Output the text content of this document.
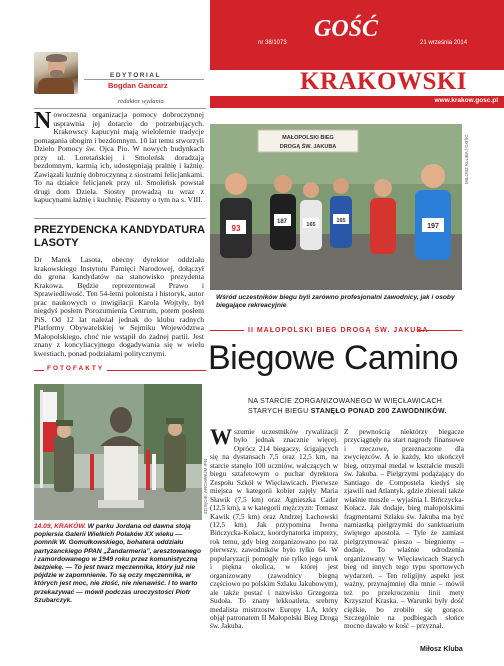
GOŚĆ
nr 38/1073	21 września 2014
KRAKOWSKI
www.krakow.gosc.pl
EDYTORIAL
Bogdan Gancarz
redaktor wydania
Nowoczesna organizacja pomocy dobroczynnej usprawnia jej dotarcie do potrzebujących. Krakowscy kapucyni mają wieloletnie tradycje pomagania ubogim i bezdomnym. 10 lat temu stworzyli Dzieło Pomocy św. Ojca Pio. W nowych budynkach przy ul. Loretańskiej i Smoleńsk doradzają bezdomnym, karmią ich, udostępniają pralnię i łaźnię. Zawiązali kuźnię dobroczynną z siostrami felicjankami. To na działce felicjanek przy ul. Smoleńsk powstał drugi dom Dzieła. Siostry prowadzą tu wraz z kapucynami łaźnię i kuchnię. Piszemy o tym na s. VIII.
PREZYDENCKA KANDYDATURA LASOTY
Dr Marek Lasota, obecny dyrektor oddziału krakowskiego Instytutu Pamięci Narodowej, dołączył do grona kandydatów na stanowisko prezydenta Krakowa. Będzie reprezentował Prawo i Sprawiedliwość. Ten 54-letni polonista i historyk, autor prac naukowych o inwigilacji Karola Wojtyły, był niegdyś posłem Porozumienia Centrum, potem posłem PiS. Od 12 lat należał jednak do klubu radnych Platformy Obywatelskiej w Sejmiku Województwa Małopolskiego, choć nie wstąpił do żadnej partii. Jest znany z koncyliacyjnego dogadywania się w wielu kwestiach, ponad podziałami politycznymi.
FOTOFAKTY
ZDJĘCIE: ARCHIWUM IPN
14.09, KRAKÓW. W parku Jordana od dawna stoją popiersia Galerii Wielkich Polaków XX wieku — pomnik W. Gomułkowskiego, bohatera oddziału partyzanckiego PPAN „Żandarmeria”, aresztowanego i zamordowanego w 1949 roku przez komunistyczną bezpiekę. — To jest twarz męczennika, który już nie pójdzie w zapomnienie. To są oczy męczennika, w których jest moc, nie złość, nie nienawiść. I to warto przekazywać — mówił podczas uroczystości Piotr Szubarczyk.
MAŁOPOLSKI BIEG
DROGĄ ŚW. JAKUBA
93
187	165
165
197
MIŁOSZ KLUBA / GOŚĆ
Wśród uczestników biegu byli zarówno profesjonalni zawodnicy, jak i osoby biegające rekreacyjnie
II MAŁOPOLSKI BIEG DROGĄ ŚW. JAKUBA
Biegowe Camino
NA STARCIE ZORGANIZOWANEGO W WIĘCŁAWICACH STARYCH BIEGU STANĘŁO PONAD 200 ZAWODNIKÓW.
Wszumie uczestników rywalizacji było jednak znacznie więcej. Oprócz 214 biegaczy, ścigających się na dystansach 7,5 oraz 12,5 km, na starcie stanęło 100 uczniów, walczących w biegu sztafetowym o puchar dyrektora Zespołu Szkół w Więcławicach. Pierwsze miejsca w kategorii kobiet zajęły Maria Sławik (7,5 km) oraz Agnieszka Cader (12,5 km), a w kategorii mężczyzn: Tomasz Kawik (7,5 km) oraz Andrzej Lachowski (12,5 km). Jak przypomina Iwona Bińczycka-Kołacz, koordynatorka imprezy, rok temu, gdy bieg zorganizowano po raz pierwszy, zawodników było tylko 64. W popularyzacji pomogły nie tylko jego urok i piękna okolica, w której jest organizowany (zawodnicy biegną częściowo po polskim Szlaku Jakubowym), ale także postać i nazwisko Grzegorza Sudoła. To znany lekkoatleta, srebrny medalista mistrzostw Europy LA, który objął patronatem II Małopolski Bieg Drogą św. Jakuba.
Z pewnością niektórzy biegacze przyciągnęły na start nagrody finansowe i rzeczowe, przeznaczone dla zwycięzców. A ie każdy, kto ukończył bieg, otrzymał medal w kształcie muszli św. Jakuba. – Pielgrzymi podążający do Santiago de Compostela kiedyś się zjawili nad Atlantyk, gdzie zbierali także właśnie muszle – wyjaśnia I. Bińczycka-Kołacz. Jak dodaje, bieg małopolskimi fragmentami Szlaku św. Jakuba ma być namiastką pielgrzymki do sanktuarium świętego apostoła. – Tyle że zamiast pielgrzymować pieszo – biegniemy – dodaje. To właśnie odrodzenia organizowany w Więcławicach Starych bieg od innych tego typu sportowych wydarzeń. – Ten religijny aspekt jest ważny, przynajmniej dla mnie – mówił też po przekroczeniu linii mety Krzysztof Kraska. – Warunki były dość ciężkie, bo zrobiło się gorąco. Szczególnie na podbiegach słońce mocno dawało w kość – przyznał.
Miłosz Kluba
